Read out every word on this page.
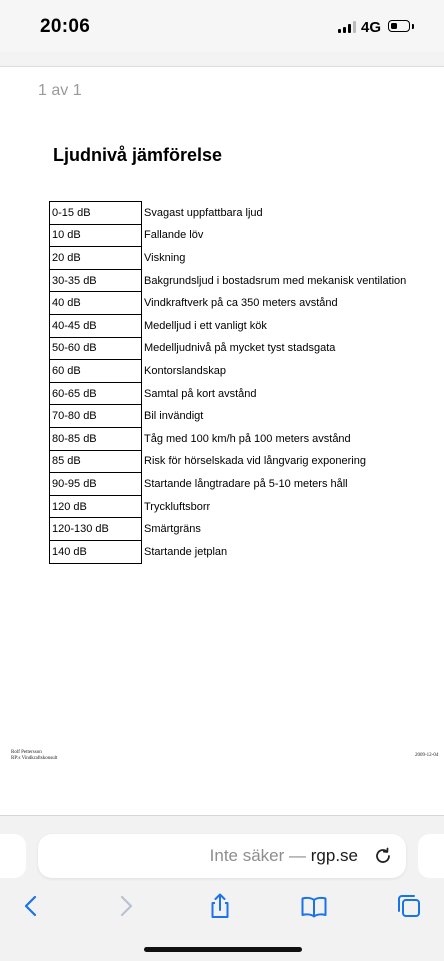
20:06	4G
1 av 1
Ljudnivå jämförelse
0-15 dB	Svagast uppfattbara ljud
10 dB	Fallande löv
20 dB	Viskning
30-35 dB	Bakgrundsljud i bostadsrum med mekanisk ventilation
40 dB	Vindkraftverk på ca 350 meters avstånd
40-45 dB	Medelljud i ett vanligt kök
50-60 dB	Medelljudnivå på mycket tyst stadsgata
60 dB	Kontorslandskap
60-65 dB	Samtal på kort avstånd
70-80 dB	Bil invändigt
80-85 dB	Tåg med 100 km/h på 100 meters avstånd
85 dB	Risk för hörselskada vid långvarig exponering
90-95 dB	Startande långtradare på 5-10 meters håll
120 dB	Tryckluftsborr
120-130 dB	Smärtgräns
140 dB	Startande jetplan
Rolf Pettersson
RP:s Vindkraftskonsult
2009-12-04
Inte säker — rgp.se
